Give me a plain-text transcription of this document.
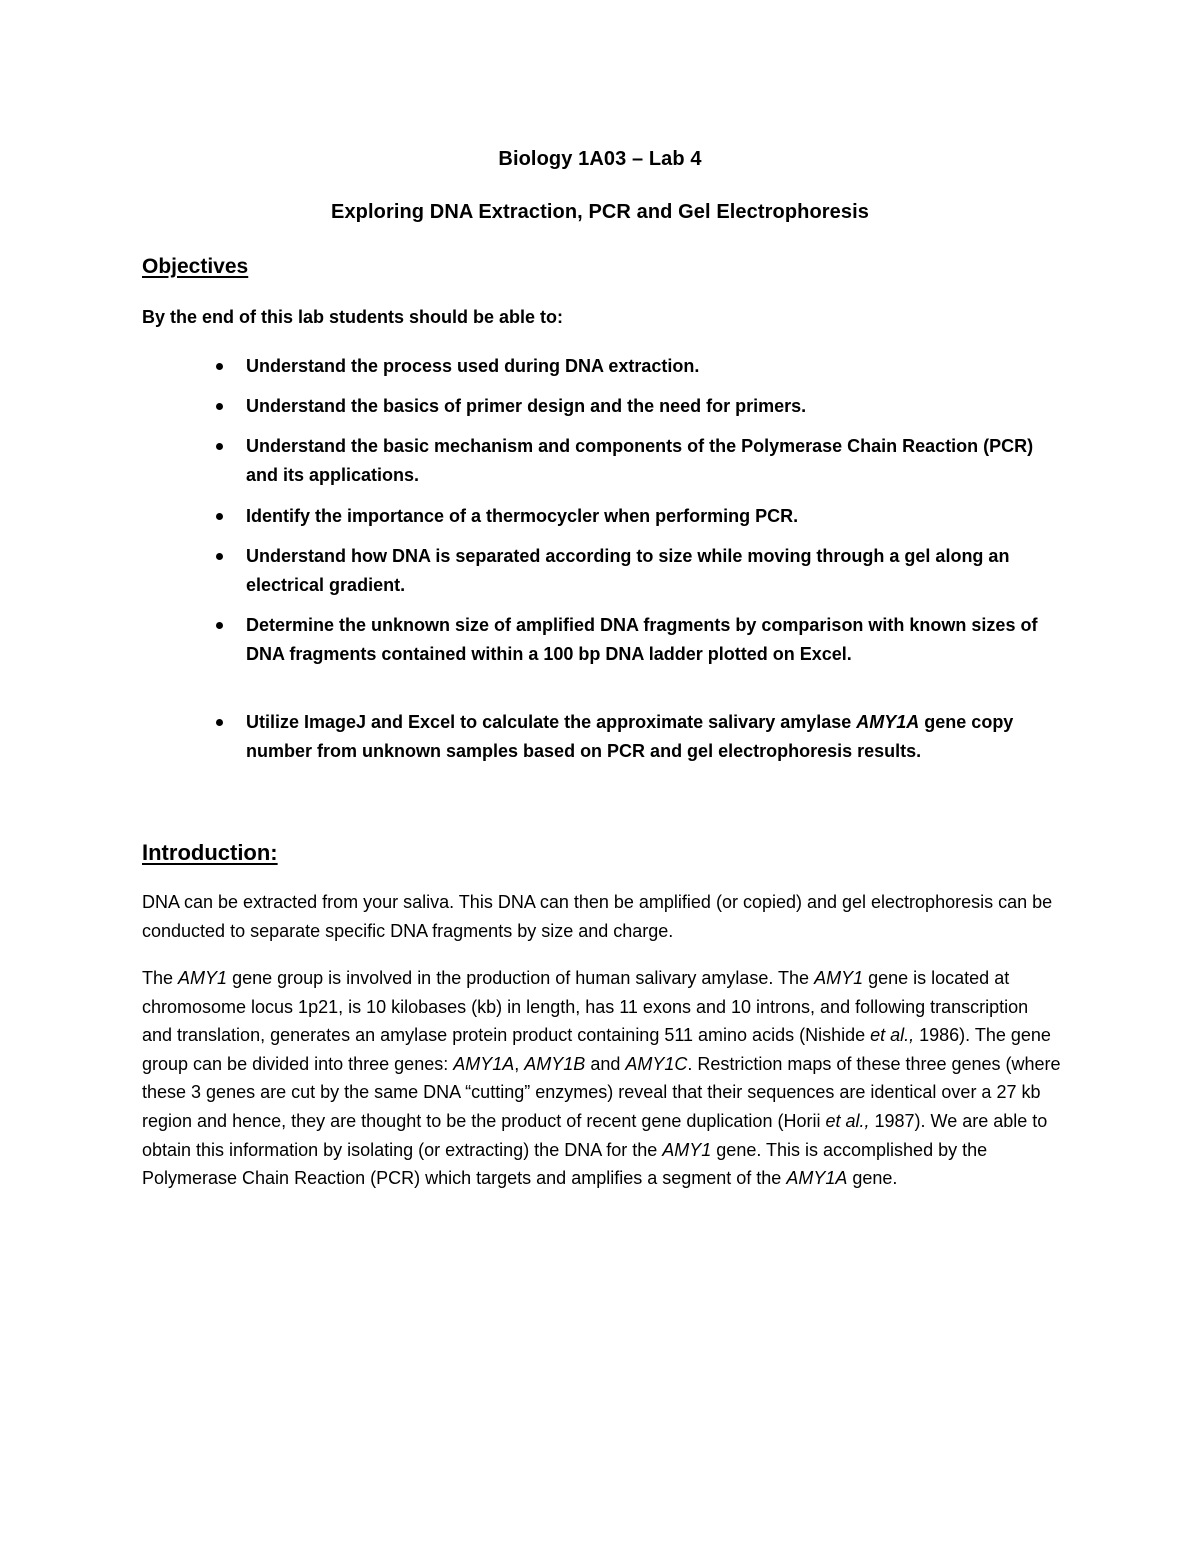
Biology 1A03 – Lab 4
Exploring DNA Extraction, PCR and Gel Electrophoresis
Objectives
By the end of this lab students should be able to:
Understand the process used during DNA extraction.
Understand the basics of primer design and the need for primers.
Understand the basic mechanism and components of the Polymerase Chain Reaction (PCR) and its applications.
Identify the importance of a thermocycler when performing PCR.
Understand how DNA is separated according to size while moving through a gel along an electrical gradient.
Determine the unknown size of amplified DNA fragments by comparison with known sizes of DNA fragments contained within a 100 bp DNA ladder plotted on Excel.
Utilize ImageJ and Excel to calculate the approximate salivary amylase AMY1A gene copy number from unknown samples based on PCR and gel electrophoresis results.
Introduction:

DNA can be extracted from your saliva. This DNA can then be amplified (or copied) and gel electrophoresis can be conducted to separate specific DNA fragments by size and charge.

The AMY1 gene group is involved in the production of human salivary amylase. The AMY1 gene is located at chromosome locus 1p21, is 10 kilobases (kb) in length, has 11 exons and 10 introns, and following transcription and translation, generates an amylase protein product containing 511 amino acids (Nishide et al., 1986). The gene group can be divided into three genes: AMY1A, AMY1B and AMY1C. Restriction maps of these three genes (where these 3 genes are cut by the same DNA “cutting” enzymes) reveal that their sequences are identical over a 27 kb region and hence, they are thought to be the product of recent gene duplication (Horii et al., 1987). We are able to obtain this information by isolating (or extracting) the DNA for the AMY1 gene. This is accomplished by the Polymerase Chain Reaction (PCR) which targets and amplifies a segment of the AMY1A gene.
